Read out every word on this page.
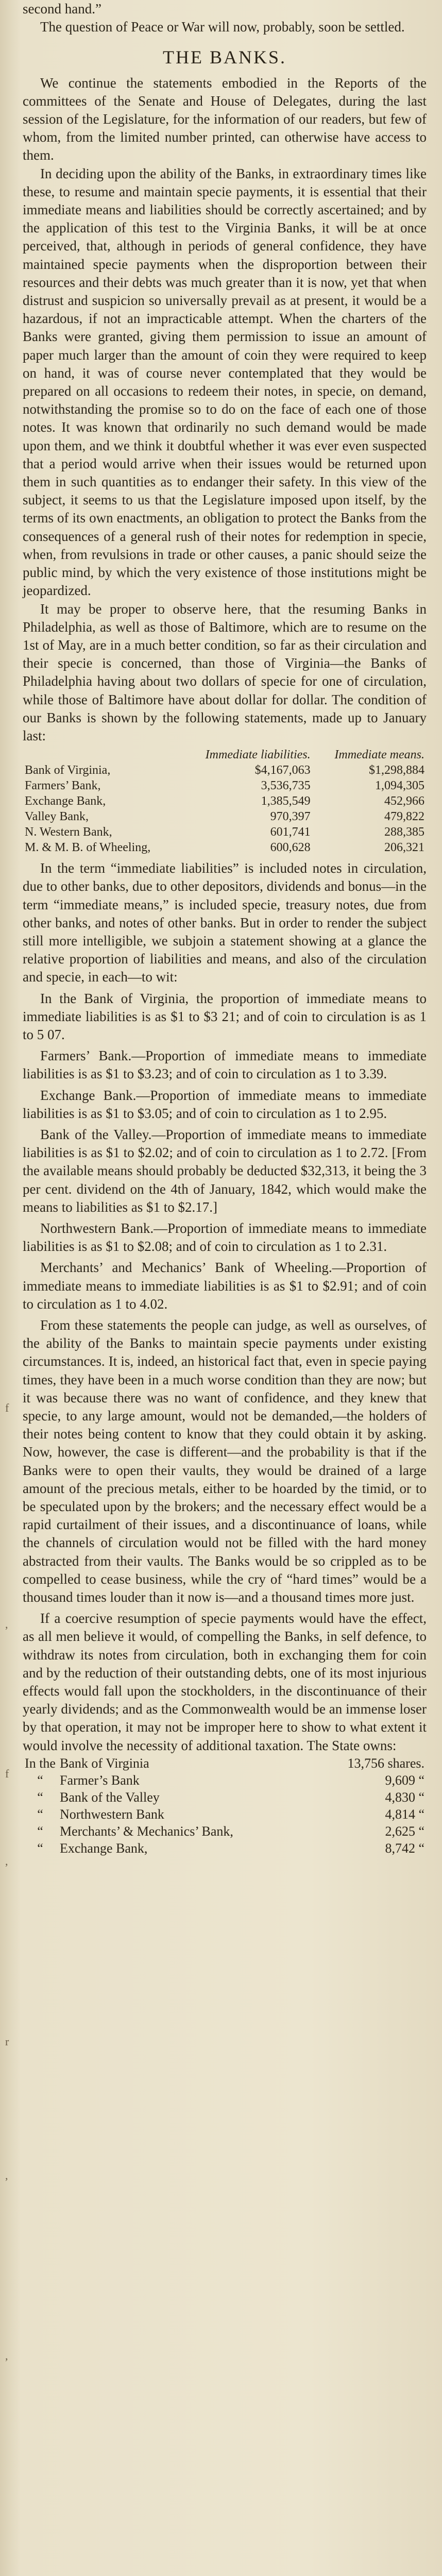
f
,
f
,
r
,
,

second hand.”

The question of Peace or War will now, probably, soon be settled.

THE BANKS.

We continue the statements embodied in the Reports of the committees of the Senate and House of Delegates, during the last session of the Legislature, for the information of our readers, but few of whom, from the limited number printed, can otherwise have access to them.

In deciding upon the ability of the Banks, in extraordinary times like these, to resume and maintain specie payments, it is essential that their immediate means and liabilities should be correctly ascertained; and by the application of this test to the Virginia Banks, it will be at once perceived, that, although in periods of general confidence, they have maintained specie payments when the disproportion between their resources and their debts was much greater than it is now, yet that when distrust and suspicion so universally prevail as at present, it would be a hazardous, if not an impracticable attempt. When the charters of the Banks were granted, giving them permission to issue an amount of paper much larger than the amount of coin they were required to keep on hand, it was of course never contemplated that they would be prepared on all occasions to redeem their notes, in specie, on demand, notwithstanding the promise so to do on the face of each one of those notes. It was known that ordinarily no such demand would be made upon them, and we think it doubtful whether it was ever even suspected that a period would arrive when their issues would be returned upon them in such quantities as to endanger their safety. In this view of the subject, it seems to us that the Legislature imposed upon itself, by the terms of its own enactments, an obligation to protect the Banks from the consequences of a general rush of their notes for redemption in specie, when, from revulsions in trade or other causes, a panic should seize the public mind, by which the very existence of those institutions might be jeopardized.

It may be proper to observe here, that the resuming Banks in Philadelphia, as well as those of Baltimore, which are to resume on the 1st of May, are in a much better condition, so far as their circulation and their specie is concerned, than those of Virginia—the Banks of Philadelphia having about two dollars of specie for one of circulation, while those of Baltimore have about dollar for dollar. The condition of our Banks is shown by the following statements, made up to January last:

	Immediate liabilities.	Immediate means.
Bank of Virginia,	$4,167,063	$1,298,884
Farmers’ Bank,	3,536,735	1,094,305
Exchange Bank,	1,385,549	452,966
Valley Bank,	970,397	479,822
N. Western Bank,	601,741	288,385
M. & M. B. of Wheeling,	600,628	206,321

In the term “immediate liabilities” is included notes in circulation, due to other banks, due to other depositors, dividends and bonus—in the term “immediate means,” is included specie, treasury notes, due from other banks, and notes of other banks. But in order to render the subject still more intelligible, we subjoin a statement showing at a glance the relative proportion of liabilities and means, and also of the circulation and specie, in each—to wit:

In the Bank of Virginia, the proportion of immediate means to immediate liabilities is as $1 to $3 21; and of coin to circulation is as 1 to 5 07.

Farmers’ Bank.—Proportion of immediate means to immediate liabilities is as $1 to $3.23; and of coin to circulation as 1 to 3.39.

Exchange Bank.—Proportion of immediate means to immediate liabilities is as $1 to $3.05; and of coin to circulation as 1 to 2.95.

Bank of the Valley.—Proportion of immediate means to immediate liabilities is as $1 to $2.02; and of coin to circulation as 1 to 2.72. [From the available means should probably be deducted $32,313, it being the 3 per cent. dividend on the 4th of January, 1842, which would make the means to liabilities as $1 to $2.17.]

Northwestern Bank.—Proportion of immediate means to immediate liabilities is as $1 to $2.08; and of coin to circulation as 1 to 2.31.

Merchants’ and Mechanics’ Bank of Wheeling.—Proportion of immediate means to immediate liabilities is as $1 to $2.91; and of coin to circulation as 1 to 4.02.

From these statements the people can judge, as well as ourselves, of the ability of the Banks to maintain specie payments under existing circumstances. It is, indeed, an historical fact that, even in specie paying times, they have been in a much worse condition than they are now; but it was because there was no want of confidence, and they knew that specie, to any large amount, would not be demanded,—the holders of their notes being content to know that they could obtain it by asking. Now, however, the case is different—and the probability is that if the Banks were to open their vaults, they would be drained of a large amount of the precious metals, either to be hoarded by the timid, or to be speculated upon by the brokers; and the necessary effect would be a rapid curtailment of their issues, and a discontinuance of loans, while the channels of circulation would not be filled with the hard money abstracted from their vaults. The Banks would be so crippled as to be compelled to cease business, while the cry of “hard times” would be a thousand times louder than it now is—and a thousand times more just.

If a coercive resumption of specie payments would have the effect, as all men believe it would, of compelling the Banks, in self defence, to withdraw its notes from circulation, both in exchanging them for coin and by the reduction of their outstanding debts, one of its most injurious effects would fall upon the stockholders, in the discontinuance of their yearly dividends; and as the Commonwealth would be an immense loser by that operation, it may not be improper here to show to what extent it would involve the necessity of additional taxation. The State owns:

In the	Bank of Virginia	13,756 shares.
“	Farmer’s Bank	9,609 “
“	Bank of the Valley	4,830 “
“	Northwestern Bank	4,814 “
“	Merchants’ & Mechanics’ Bank,	2,625 “
“	Exchange Bank,	8,742 “
